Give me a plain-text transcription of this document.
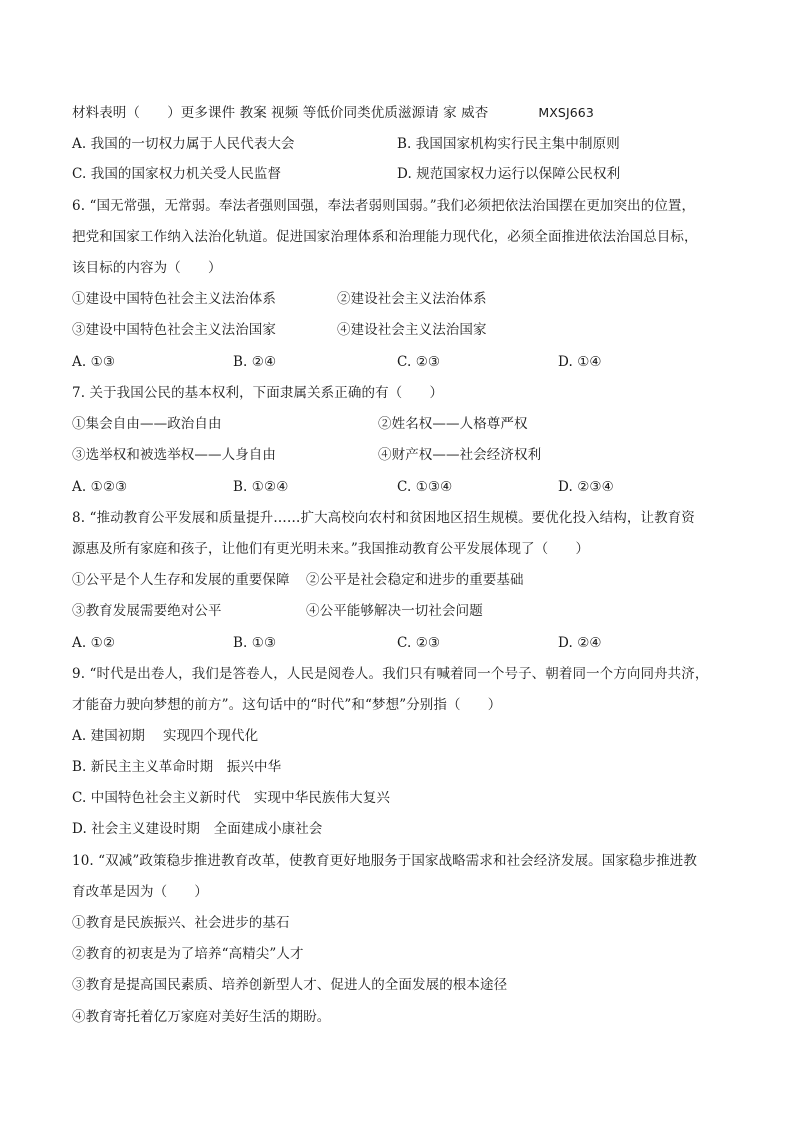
材料表明（　　）更多课件 教案 视频 等低价同类优质滋源请 家 威杏	MXSJ663
A. 我国的一切权力属于人民代表大会	B. 我国国家机构实行民主集中制原则
C. 我国的国家权力机关受人民监督	D. 规范国家权力运行以保障公民权利
6. “国无常强，无常弱。奉法者强则国强，奉法者弱则国弱。”我们必须把依法治国摆在更加突出的位置，
把党和国家工作纳入法治化轨道。促进国家治理体系和治理能力现代化，必须全面推进依法治国总目标，
该目标的内容为（　　）
①建设中国特色社会主义法治体系	②建设社会主义法治体系
③建设中国特色社会主义法治国家	④建设社会主义法治国家
A. ①③	B. ②④	C. ②③	D. ①④
7. 关于我国公民的基本权利，下面隶属关系正确的有（　　）
①集会自由——政治自由	②姓名权——人格尊严权
③选举权和被选举权——人身自由	④财产权——社会经济权利
A. ①②③	B. ①②④	C. ①③④	D. ②③④
8. “推动教育公平发展和质量提升……扩大高校向农村和贫困地区招生规模。要优化投入结构，让教育资
源惠及所有家庭和孩子，让他们有更光明未来。”我国推动教育公平发展体现了（　　）
①公平是个人生存和发展的重要保障 ②公平是社会稳定和进步的重要基础
③教育发展需要绝对公平	④公平能够解决一切社会问题
A. ①②	B. ①③	C. ②③	D. ②④
9. “时代是出卷人，我们是答卷人，人民是阅卷人。我们只有喊着同一个号子、朝着同一个方向同舟共济，
才能奋力驶向梦想的前方”。这句话中的“时代”和“梦想”分别指（　　）
A. 建国初期　 实现四个现代化
B. 新民主主义革命时期　振兴中华
C. 中国特色社会主义新时代　实现中华民族伟大复兴
D. 社会主义建设时期　全面建成小康社会
10. “双减”政策稳步推进教育改革，使教育更好地服务于国家战略需求和社会经济发展。国家稳步推进教
育改革是因为（　　）
①教育是民族振兴、社会进步的基石
②教育的初衷是为了培养“高精尖”人才
③教育是提高国民素质、培养创新型人才、促进人的全面发展的根本途径
④教育寄托着亿万家庭对美好生活的期盼。
